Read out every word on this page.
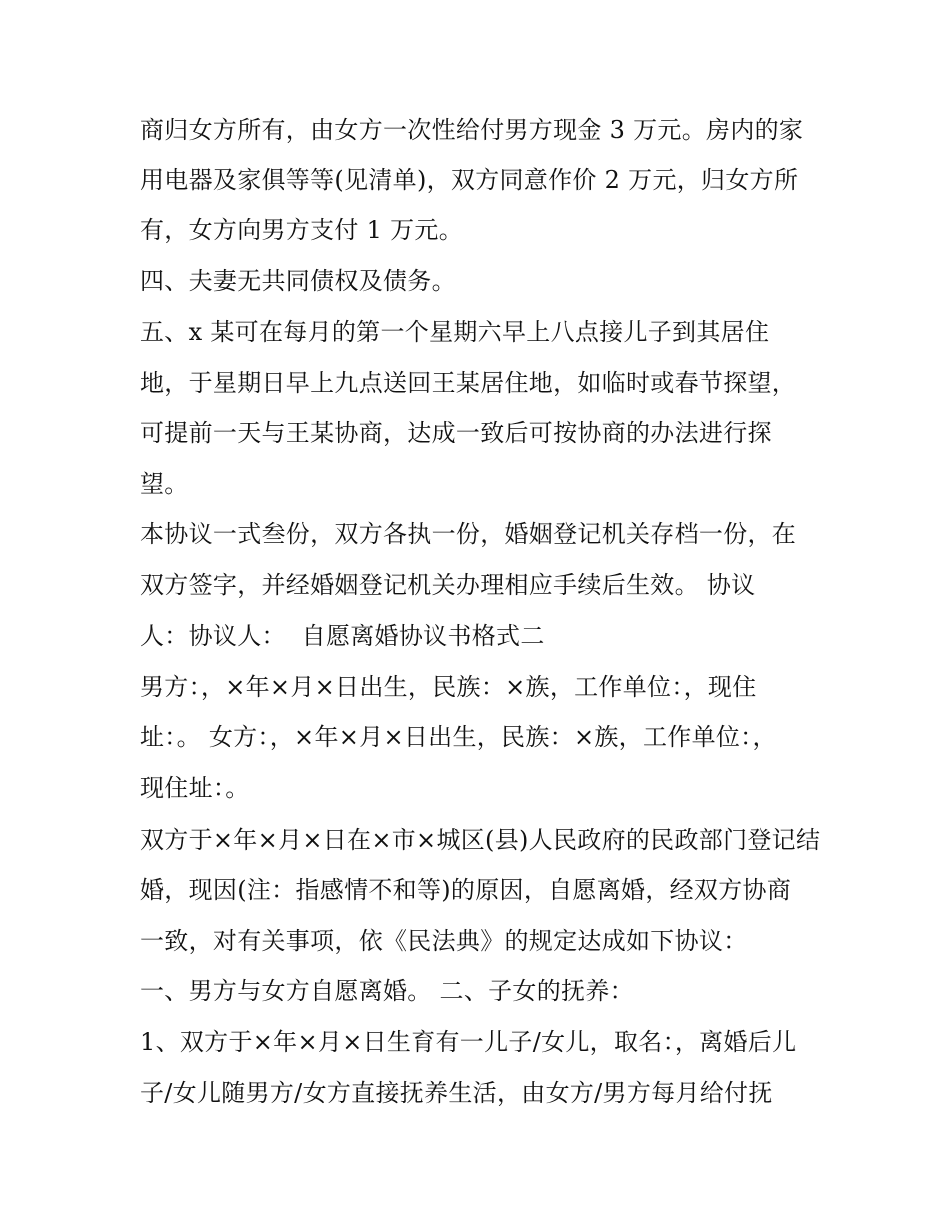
商归女方所有，由女方一次性给付男方现金 3 万元。房内的家
用电器及家俱等等(见清单)，双方同意作价 2 万元，归女方所
有，女方向男方支付 1 万元。
四、夫妻无共同债权及债务。
五、x 某可在每月的第一个星期六早上八点接儿子到其居住
地，于星期日早上九点送回王某居住地，如临时或春节探望，
可提前一天与王某协商，达成一致后可按协商的办法进行探
望。
本协议一式叁份，双方各执一份，婚姻登记机关存档一份，在
双方签字，并经婚姻登记机关办理相应手续后生效。 协议
人：协议人：  自愿离婚协议书格式二
男方：，×年×月×日出生，民族：×族，工作单位：，现住
址：。 女方：，×年×月×日出生，民族：×族，工作单位：，
现住址：。
双方于×年×月×日在×市×城区(县)人民政府的民政部门登记结
婚，现因(注：指感情不和等)的原因，自愿离婚，经双方协商
一致，对有关事项，依《民法典》的规定达成如下协议：
一、男方与女方自愿离婚。 二、子女的抚养：
1、双方于×年×月×日生育有一儿子/女儿，取名：，离婚后儿
子/女儿随男方/女方直接抚养生活，由女方/男方每月给付抚
